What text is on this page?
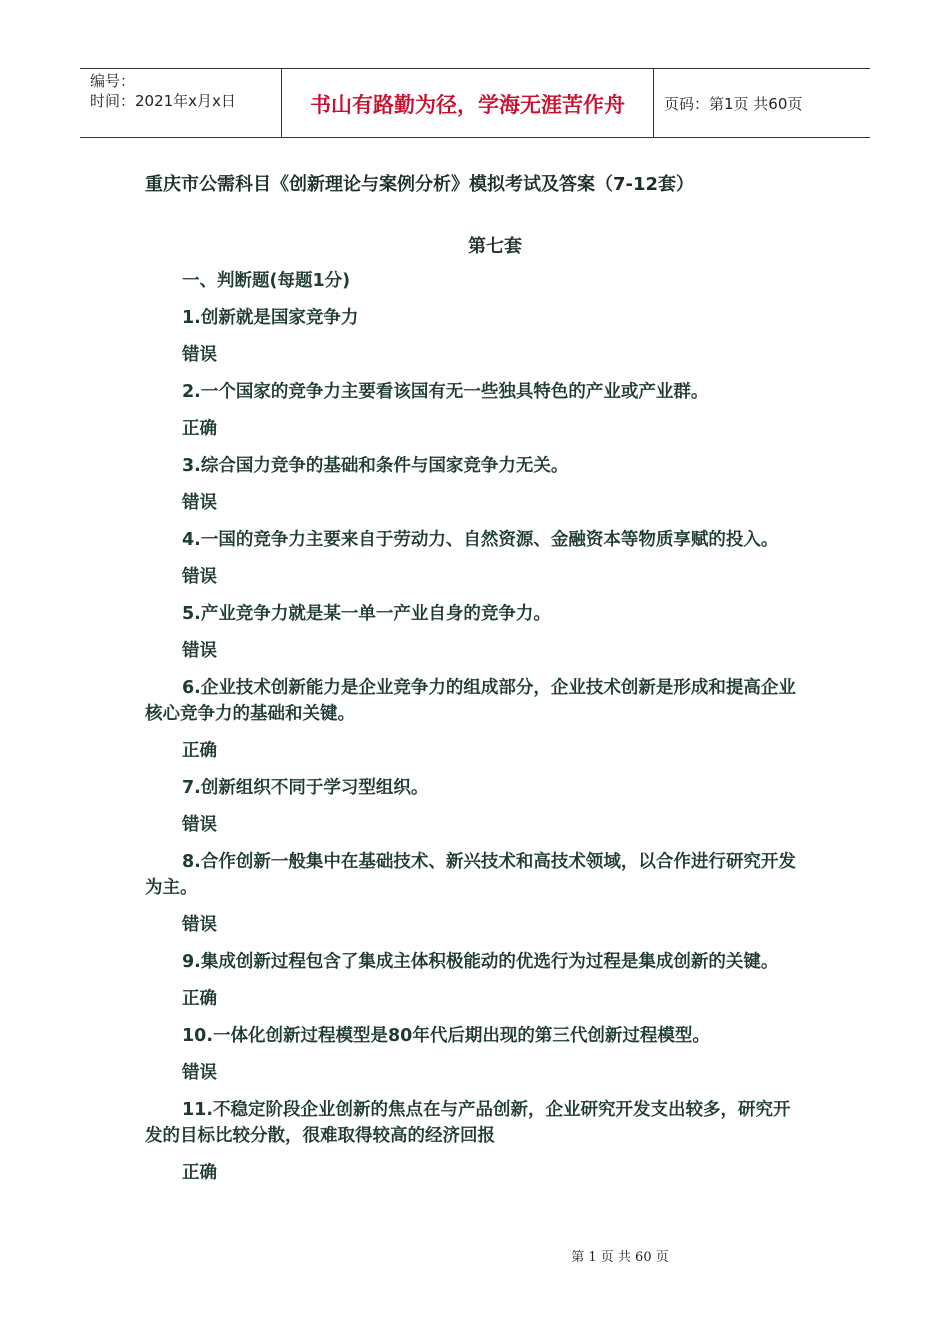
编号：
时间：2021年x月x日	书山有路勤为径，学海无涯苦作舟	页码：第1页 共60页
重庆市公需科目《创新理论与案例分析》模拟考试及答案（7-12套）
第七套

一、判断题(每题1分)

1.创新就是国家竞争力

错误

2.一个国家的竞争力主要看该国有无一些独具特色的产业或产业群。

正确

3.综合国力竞争的基础和条件与国家竞争力无关。

错误

4.一国的竞争力主要来自于劳动力、自然资源、金融资本等物质享赋的投入。

错误

5.产业竞争力就是某一单一产业自身的竞争力。

错误

6.企业技术创新能力是企业竞争力的组成部分，企业技术创新是形成和提高企业核心竞争力的基础和关键。

正确

7.创新组织不同于学习型组织。

错误

8.合作创新一般集中在基础技术、新兴技术和高技术领域，以合作进行研究开发为主。

错误

9.集成创新过程包含了集成主体积极能动的优选行为过程是集成创新的关键。

正确

10.一体化创新过程模型是80年代后期出现的第三代创新过程模型。

错误

11.不稳定阶段企业创新的焦点在与产品创新，企业研究开发支出较多，研究开发的目标比较分散，很难取得较高的经济回报

正确

第 1 页 共 60 页
